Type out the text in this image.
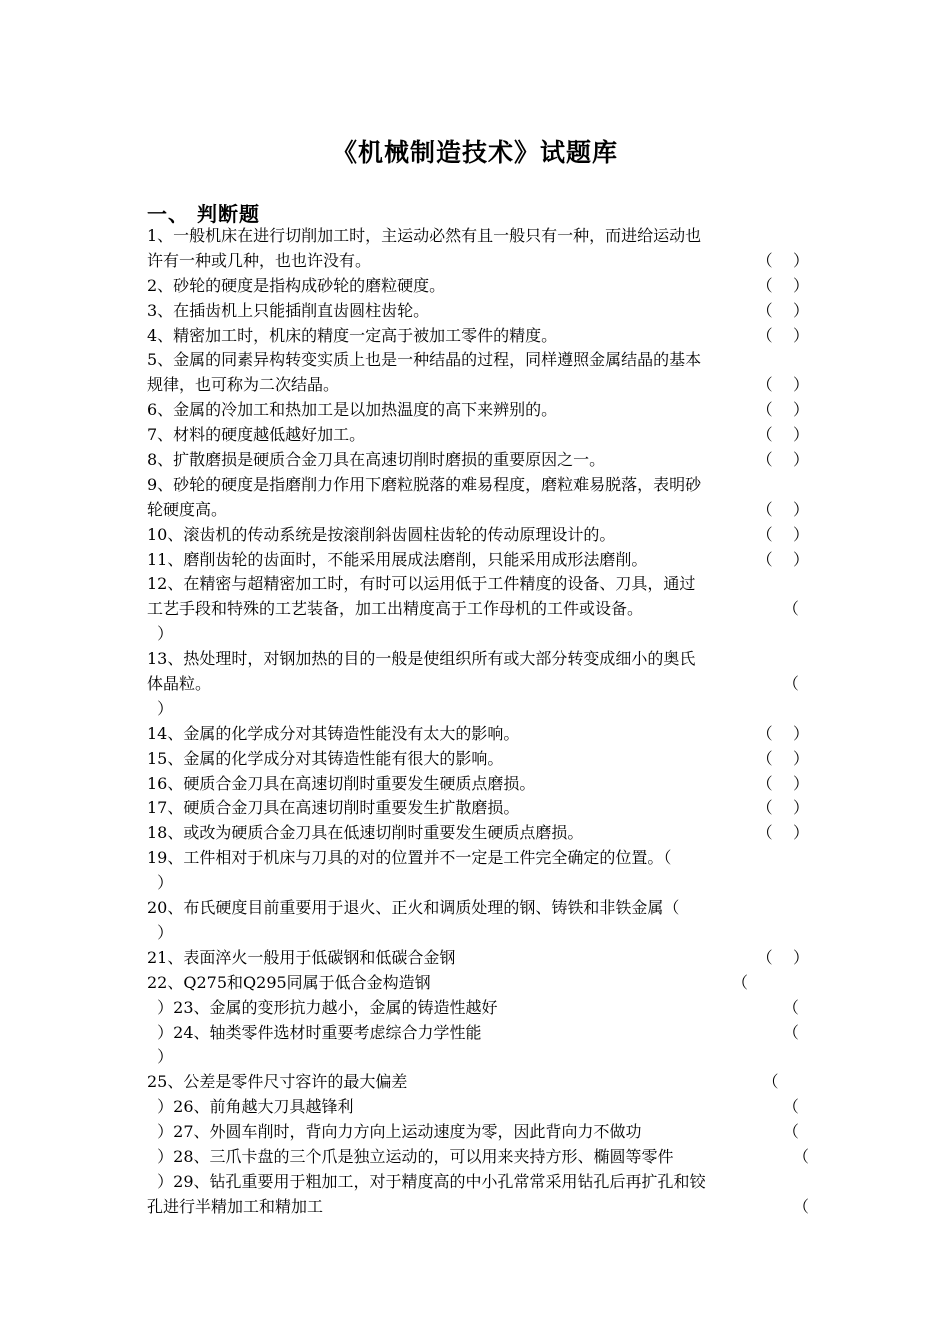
《机械制造技术》试题库
一、 判断题
1、一般机床在进行切削加工时，主运动必然有且一般只有一种，而进给运动也
许有一种或几种，也也许没有。	（    ）
2、砂轮的硬度是指构成砂轮的磨粒硬度。	（    ）
3、在插齿机上只能插削直齿圆柱齿轮。	（    ）
4、精密加工时，机床的精度一定高于被加工零件的精度。	（    ）
5、金属的同素异构转变实质上也是一种结晶的过程，同样遵照金属结晶的基本
规律，也可称为二次结晶。	（    ）
6、金属的冷加工和热加工是以加热温度的高下来辨别的。	（    ）
7、材料的硬度越低越好加工。	（    ）
8、扩散磨损是硬质合金刀具在高速切削时磨损的重要原因之一。	（    ）
9、砂轮的硬度是指磨削力作用下磨粒脱落的难易程度，磨粒难易脱落，表明砂
轮硬度高。	（    ）
10、滚齿机的传动系统是按滚削斜齿圆柱齿轮的传动原理设计的。	（    ）
11、磨削齿轮的齿面时，不能采用展成法磨削，只能采用成形法磨削。	（    ）
12、在精密与超精密加工时，有时可以运用低于工件精度的设备、刀具，通过
工艺手段和特殊的工艺装备，加工出精度高于工作母机的工件或设备。	（
）
13、热处理时，对钢加热的目的一般是使组织所有或大部分转变成细小的奥氏
体晶粒。	（
）
14、金属的化学成分对其铸造性能没有太大的影响。	（    ）
15、金属的化学成分对其铸造性能有很大的影响。	（    ）
16、硬质合金刀具在高速切削时重要发生硬质点磨损。	（    ）
17、硬质合金刀具在高速切削时重要发生扩散磨损。	（    ）
18、或改为硬质合金刀具在低速切削时重要发生硬质点磨损。	（    ）
19、工件相对于机床与刀具的对的位置并不一定是工件完全确定的位置。（
）
20、布氏硬度目前重要用于退火、正火和调质处理的钢、铸铁和非铁金属（
）
21、表面淬火一般用于低碳钢和低碳合金钢	（    ）
22、Q275和Q295同属于低合金构造钢	（
）23、金属的变形抗力越小，金属的铸造性越好	（
）24、轴类零件选材时重要考虑综合力学性能	（
）
25、公差是零件尺寸容许的最大偏差	（
）26、前角越大刀具越锋利	（
）27、外圆车削时，背向力方向上运动速度为零，因此背向力不做功	（
）28、三爪卡盘的三个爪是独立运动的，可以用来夹持方形、椭圆等零件	（
）29、钻孔重要用于粗加工，对于精度高的中小孔常常采用钻孔后再扩孔和铰
孔进行半精加工和精加工	（
